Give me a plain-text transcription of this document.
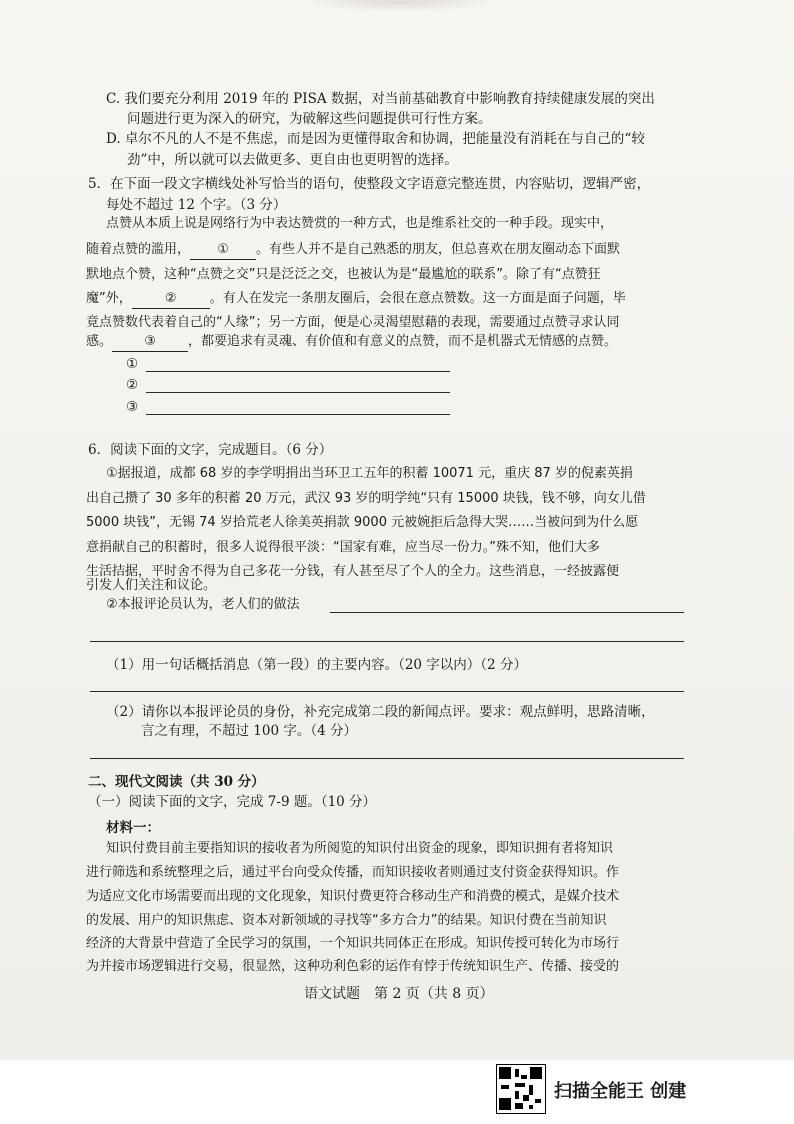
C. 我们要充分利用 2019 年的 PISA 数据，对当前基础教育中影响教育持续健康发展的突出
问题进行更为深入的研究，为破解这些问题提供可行性方案。
D. 卓尔不凡的人不是不焦虑，而是因为更懂得取舍和协调，把能量没有消耗在与自己的“较
劲”中，所以就可以去做更多、更自由也更明智的选择。
5．在下面一段文字横线处补写恰当的语句，使整段文字语意完整连贯，内容贴切，逻辑严密，
每处不超过 12 个字。（3 分）
点赞从本质上说是网络行为中表达赞赏的一种方式，也是维系社交的一种手段。现实中，
随着点赞的滥用， ① 。有些人并不是自己熟悉的朋友，但总喜欢在朋友圈动态下面默
默地点个赞，这种“点赞之交”只是泛泛之交，也被认为是“最尴尬的联系”。除了有“点赞狂
魔”外，	②	。有人在发完一条朋友圈后，会很在意点赞数。这一方面是面子问题，毕
竟点赞数代表着自己的“人缘”；另一方面，便是心灵渴望慰藉的表现，需要通过点赞寻求认同
感。 ③ ，都要追求有灵魂、有价值和有意义的点赞，而不是机器式无情感的点赞。
①
②
③
6．阅读下面的文字，完成题目。（6 分）
①据报道，成都 68 岁的李学明捐出当环卫工五年的积蓄 10071 元，重庆 87 岁的倪素英捐
出自己攒了 30 多年的积蓄 20 万元，武汉 93 岁的明学纯“只有 15000 块钱，钱不够，向女儿借
5000 块钱”，无锡 74 岁拾荒老人徐美英捐款 9000 元被婉拒后急得大哭……当被问到为什么愿
意捐献自己的积蓄时，很多人说得很平淡：“国家有难，应当尽一份力。”殊不知，他们大多
生活拮据，平时舍不得为自己多花一分钱，有人甚至尽了个人的全力。这些消息，一经披露便
引发人们关注和议论。
②本报评论员认为，老人们的做法
（1）用一句话概括消息（第一段）的主要内容。（20 字以内）（2 分）
（2）请你以本报评论员的身份，补充完成第二段的新闻点评。要求：观点鲜明，思路清晰，
言之有理，不超过 100 字。（4 分）
二、现代文阅读（共 30 分）
（一）阅读下面的文字，完成 7-9 题。（10 分）
材料一：
知识付费目前主要指知识的接收者为所阅览的知识付出资金的现象，即知识拥有者将知识
进行筛选和系统整理之后，通过平台向受众传播，而知识接收者则通过支付资金获得知识。作
为适应文化市场需要而出现的文化现象，知识付费更符合移动生产和消费的模式，是媒介技术
的发展、用户的知识焦虑、资本对新领域的寻找等“多方合力”的结果。知识付费在当前知识
经济的大背景中营造了全民学习的氛围，一个知识共同体正在形成。知识传授可转化为市场行
为并接市场逻辑进行交易，很显然，这种功利色彩的运作有悖于传统知识生产、传播、接受的
语文试题　第 2 页（共 8 页）
扫描全能王 创建
